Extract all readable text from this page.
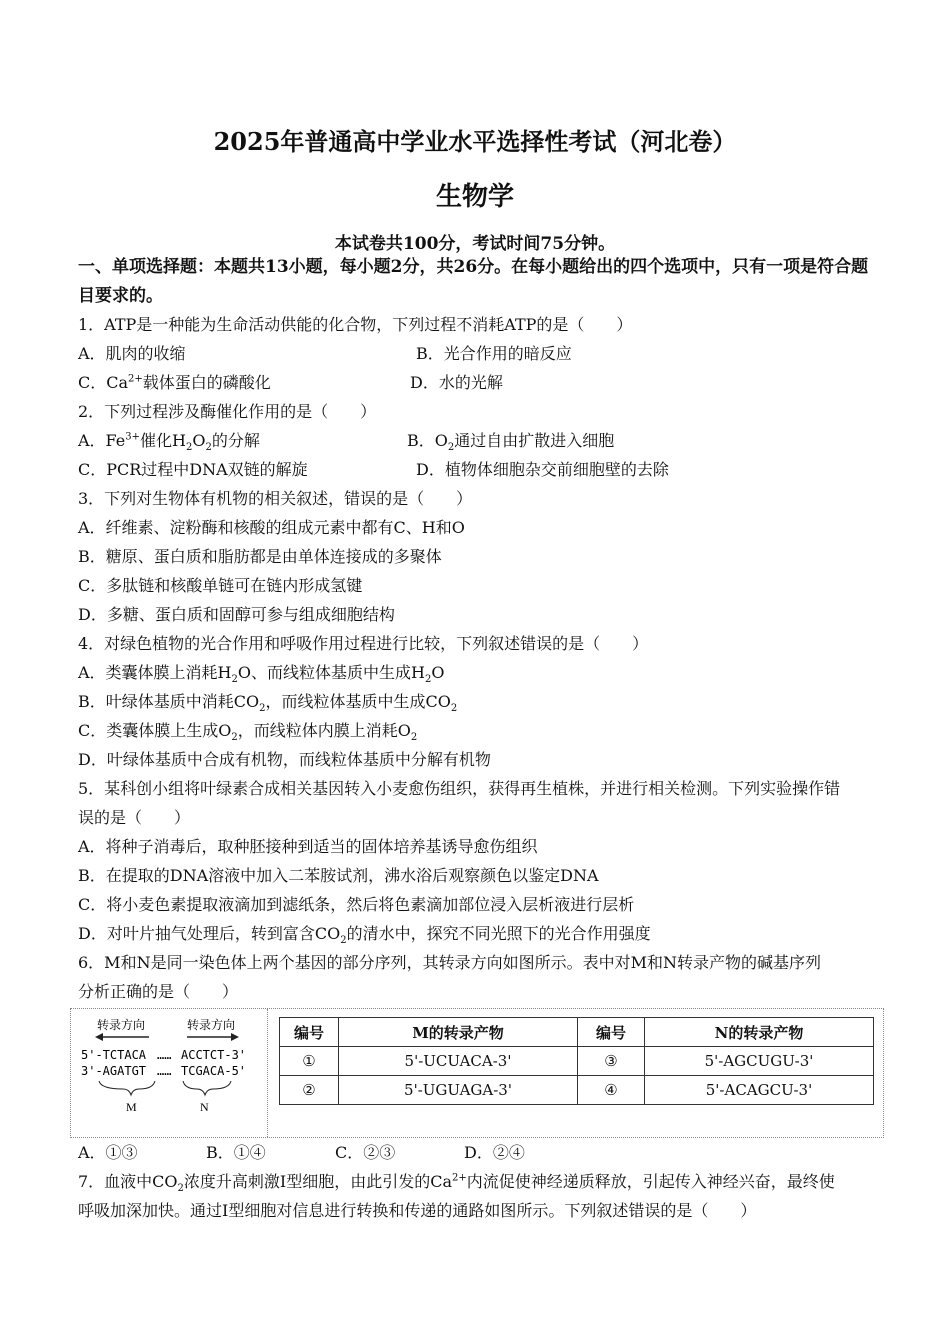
2025年普通高中学业水平选择性考试（河北卷）
生物学
本试卷共100分，考试时间75分钟。
一、单项选择题：本题共13小题，每小题2分，共26分。在每小题给出的四个选项中，只有一项是符合题目要求的。
1．ATP是一种能为生命活动供能的化合物，下列过程不消耗ATP的是（　　）
A．肌肉的收缩	B．光合作用的暗反应
C．$Ca^{2+}$载体蛋白的磷酸化	D．水的光解
2．下列过程涉及酶催化作用的是（　　）
A．$Fe^{3+}$催化$H_2O_2$的分解	B．$O_2$通过自由扩散进入细胞
C．PCR过程中DNA双链的解旋	D．植物体细胞杂交前细胞壁的去除
3．下列对生物体有机物的相关叙述，错误的是（　　）
A．纤维素、淀粉酶和核酸的组成元素中都有C、H和O
B．糖原、蛋白质和脂肪都是由单体连接成的多聚体
C．多肽链和核酸单链可在链内形成氢键
D．多糖、蛋白质和固醇可参与组成细胞结构
4．对绿色植物的光合作用和呼吸作用过程进行比较，下列叙述错误的是（　　）
A．类囊体膜上消耗$H_2O$、而线粒体基质中生成$H_2O$
B．叶绿体基质中消耗$CO_2$，而线粒体基质中生成$CO_2$
C．类囊体膜上生成$O_2$，而线粒体内膜上消耗$O_2$
D．叶绿体基质中合成有机物，而线粒体基质中分解有机物
5．某科创小组将叶绿素合成相关基因转入小麦愈伤组织，获得再生植株，并进行相关检测。下列实验操作错
误的是（　　）
A．将种子消毒后，取种胚接种到适当的固体培养基诱导愈伤组织
B．在提取的DNA溶液中加入二苯胺试剂，沸水浴后观察颜色以鉴定DNA
C．将小麦色素提取液滴加到滤纸条，然后将色素滴加部位浸入层析液进行层析
D．对叶片抽气处理后，转到富含$CO_2$的清水中，探究不同光照下的光合作用强度
6．M和N是同一染色体上两个基因的部分序列，其转录方向如图所示。表中对M和N转录产物的碱基序列
分析正确的是（　　）
转录方向	转录方向
5'-TCTACA
3'-AGATGT
……
……
ACCTCT-3'
TCGACA-5'
M	N
编号	M的转录产物	编号	N的转录产物
①	5'-UCUACA-3'	③	5'-AGCUGU-3'
②	5'-UGUAGA-3'	④	5'-ACAGCU-3'
A．①③	B．①④	C．②③	D．②④
7．血液中$CO_2$浓度升高刺激Ⅰ型细胞，由此引发的$Ca^{2+}$内流促使神经递质释放，引起传入神经兴奋，最终使
呼吸加深加快。通过Ⅰ型细胞对信息进行转换和传递的通路如图所示。下列叙述错误的是（　　）
